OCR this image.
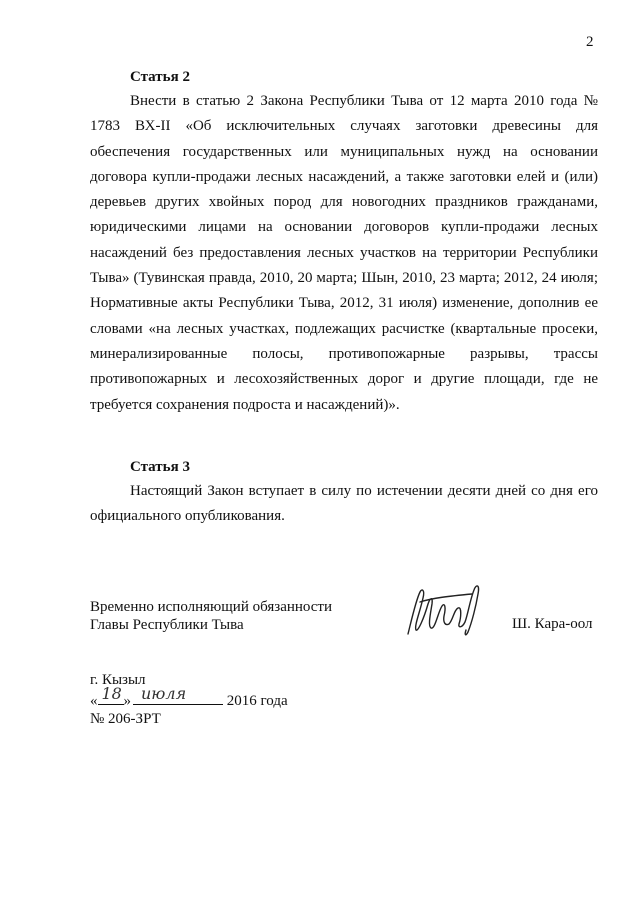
2
Статья 2

Внести в статью 2 Закона Республики Тыва от 12 марта 2010 года № 1783 ВХ-II «Об исключительных случаях заготовки древесины для обеспечения государственных или муниципальных нужд на основании договора купли-продажи лесных насаждений, а также заготовки елей и (или) деревьев других хвойных пород для новогодних праздников гражданами, юридическими лицами на основании договоров купли-продажи лесных насаждений без предоставления лесных участков на территории Республики Тыва» (Тувинская правда, 2010, 20 марта; Шын, 2010, 23 марта; 2012, 24 июля; Нормативные акты Республики Тыва, 2012, 31 июля) изменение, дополнив ее словами «на лесных участках, подлежащих расчистке (квартальные просеки, минерализированные полосы, противопожарные разрывы, трассы противопожарных и лесохозяйственных дорог и другие площади, где не требуется сохранения подроста и насаждений)».

Статья 3

Настоящий Закон вступает в силу по истечении десяти дней со дня его официального опубликования.

Временно исполняющий обязанности
Главы Республики Тыва	Ш. Кара-оол
г. Кызыл
« 18 » июля	2016 года
№ 206-ЗРТ
